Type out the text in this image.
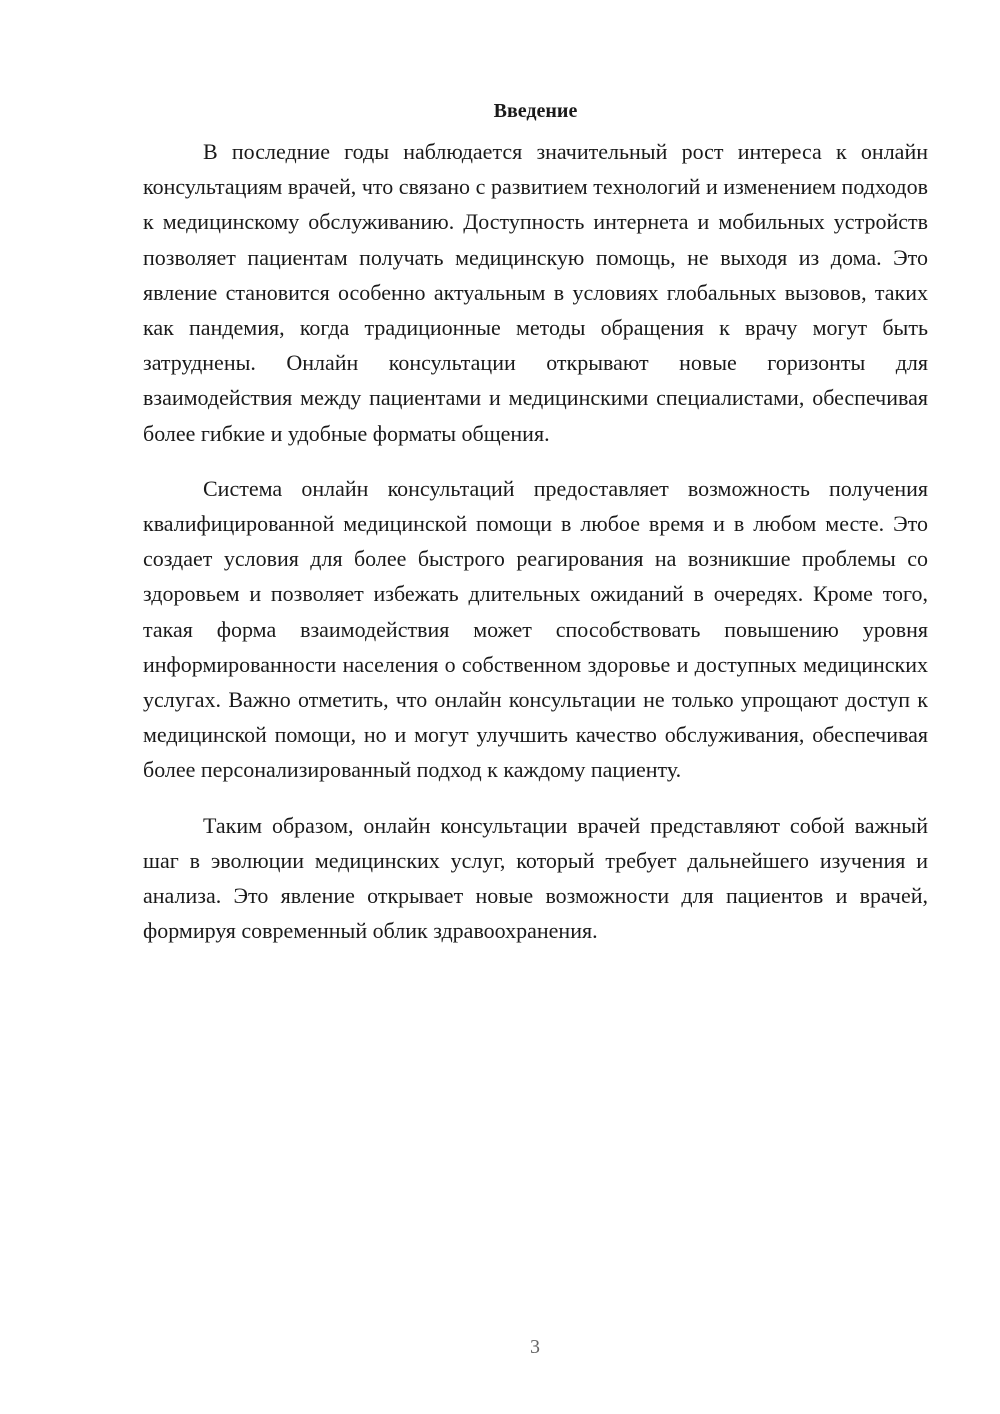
Введение

В последние годы наблюдается значительный рост интереса к онлайн консультациям врачей, что связано с развитием технологий и изменением подходов к медицинскому обслуживанию. Доступность интернета и мобильных устройств позволяет пациентам получать медицинскую помощь, не выходя из дома. Это явление становится особенно актуальным в условиях глобальных вызовов, таких как пандемия, когда традиционные методы обращения к врачу могут быть затруднены. Онлайн консультации открывают новые горизонты для взаимодействия между пациентами и медицинскими специалистами, обеспечивая более гибкие и удобные форматы общения.

Система онлайн консультаций предоставляет возможность получения квалифицированной медицинской помощи в любое время и в любом месте. Это создает условия для более быстрого реагирования на возникшие проблемы со здоровьем и позволяет избежать длительных ожиданий в очередях. Кроме того, такая форма взаимодействия может способствовать повышению уровня информированности населения о собственном здоровье и доступных медицинских услугах. Важно отметить, что онлайн консультации не только упрощают доступ к медицинской помощи, но и могут улучшить качество обслуживания, обеспечивая более персонализированный подход к каждому пациенту.

Таким образом, онлайн консультации врачей представляют собой важный шаг в эволюции медицинских услуг, который требует дальнейшего изучения и анализа. Это явление открывает новые возможности для пациентов и врачей, формируя современный облик здравоохранения.

3
